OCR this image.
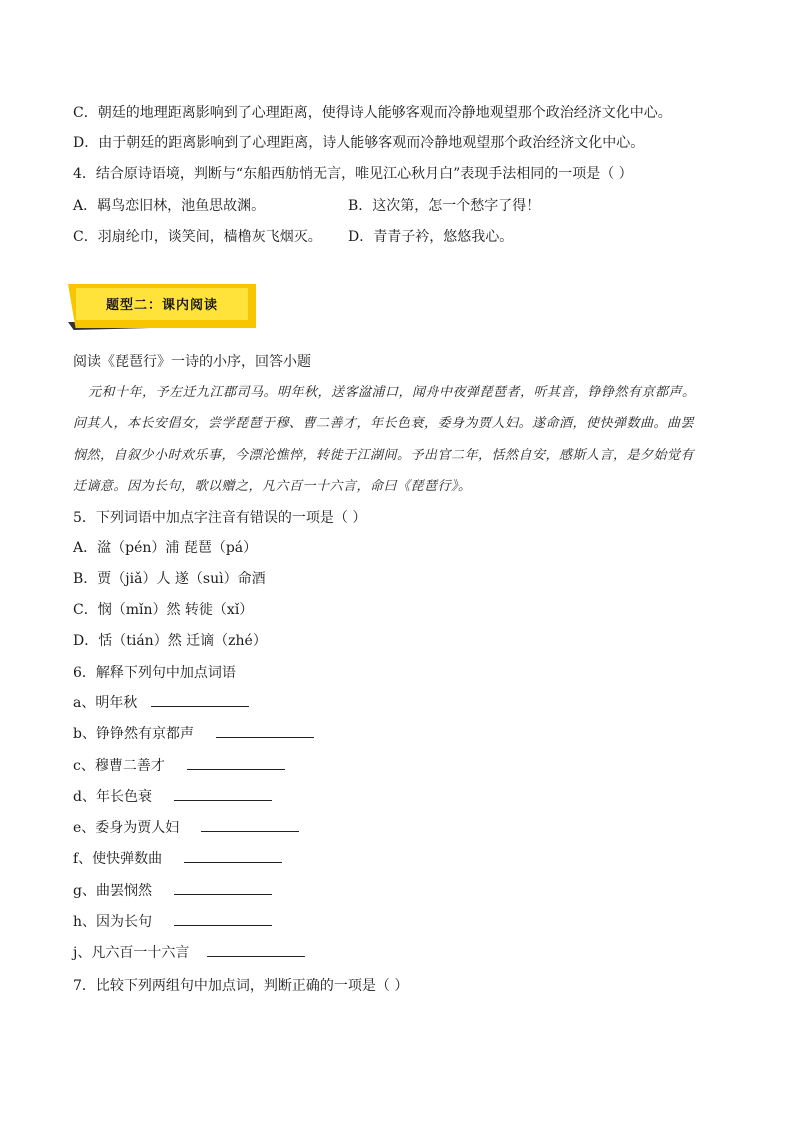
C．朝廷的地理距离影响到了心理距离，使得诗人能够客观而冷静地观望那个政治经济文化中心。
D．由于朝廷的距离影响到了心理距离，诗人能够客观而冷静地观望那个政治经济文化中心。
4．结合原诗语境，判断与“东船西舫悄无言，唯见江心秋月白”表现手法相同的一项是（ ）
A．羁鸟恋旧林，池鱼思故渊。	B．这次第，怎一个愁字了得！
C．羽扇纶巾，谈笑间，樯橹灰飞烟灭。 D．青青子衿，悠悠我心。
题型二：课内阅读
阅读《琵琶行》一诗的小序，回答小题
元和十年，予左迁九江郡司马。明年秋，送客湓浦口，闻舟中夜弹琵琶者，听其音，铮铮然有京都声。
问其人，本长安倡女，尝学琵琶于穆、曹二善才，年长色衰，委身为贾人妇。遂命酒，使快弹数曲。曲罢
悯然，自叙少小时欢乐事，今漂沦憔悴，转徙于江湖间。予出官二年，恬然自安，感斯人言，是夕始觉有
迁谪意。因为长句，歌以赠之，凡六百一十六言，命曰《琵琶行》。
5．下列词语中加点字注音有错误的一项是（ ）
A．湓（pén）浦 琵琶（pá）
B．贾（jiǎ）人 遂（suì）命酒
C．悯（mǐn）然 转徙（xǐ）
D．恬（tián）然 迁谪（zhé）
6．解释下列句中加点词语
a、明年秋
b、铮铮然有京都声
c、穆曹二善才
d、年长色衰
e、委身为贾人妇
f、使快弹数曲
g、曲罢悯然
h、因为长句
j、凡六百一十六言
7．比较下列两组句中加点词，判断正确的一项是（ ）
